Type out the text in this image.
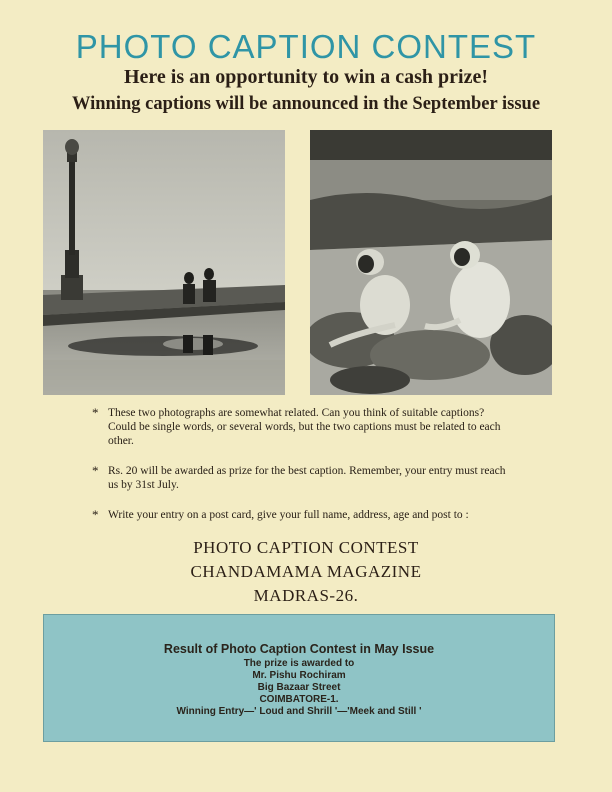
PHOTO CAPTION CONTEST

Here is an opportunity to win a cash prize!

Winning captions will be announced in the September issue

* These two photographs are somewhat related. Can you think of suitable captions? Could be single words, or several words, but the two captions must be related to each other.
* Rs. 20 will be awarded as prize for the best caption. Remember, your entry must reach us by 31st July.
* Write your entry on a post card, give your full name, address, age and post to :
PHOTO CAPTION CONTEST
CHANDAMAMA MAGAZINE
MADRAS-26.
Result of Photo Caption Contest in May Issue
The prize is awarded to
Mr. Pishu Rochiram
Big Bazaar Street
COIMBATORE-1.
Winning Entry—' Loud and Shrill '—'Meek and Still '
